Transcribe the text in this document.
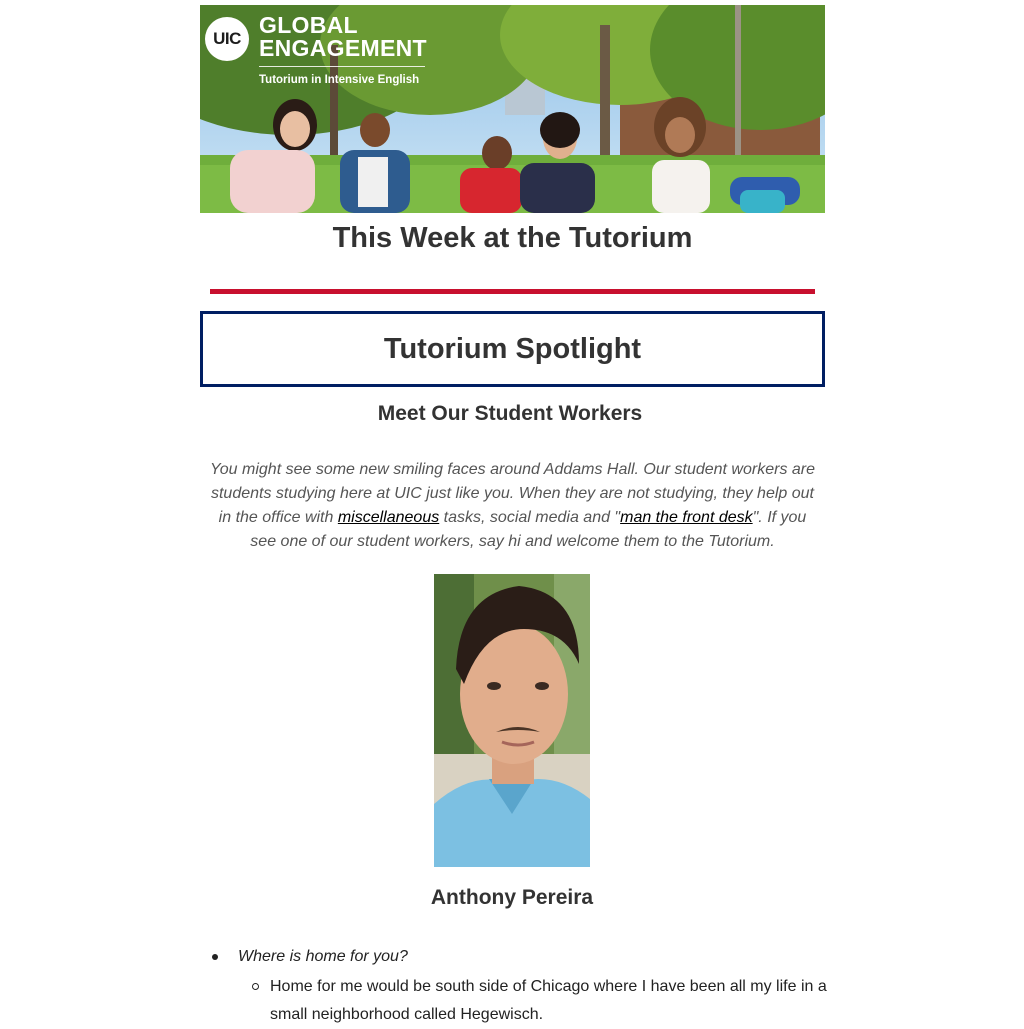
UIC
GLOBAL
ENGAGEMENT
Tutorium in Intensive English
This Week at the Tutorium
Tutorium Spotlight
Meet Our Student Workers
You might see some new smiling faces around Addams Hall. Our student workers are students studying here at UIC just like you. When they are not studying, they help out in the office with miscellaneous tasks, social media and "man the front desk". If you see one of our student workers, say hi and welcome them to the Tutorium.
Anthony Pereira
Where is home for you?
Home for me would be south side of Chicago where I have been all my life in a small neighborhood called Hegewisch.
